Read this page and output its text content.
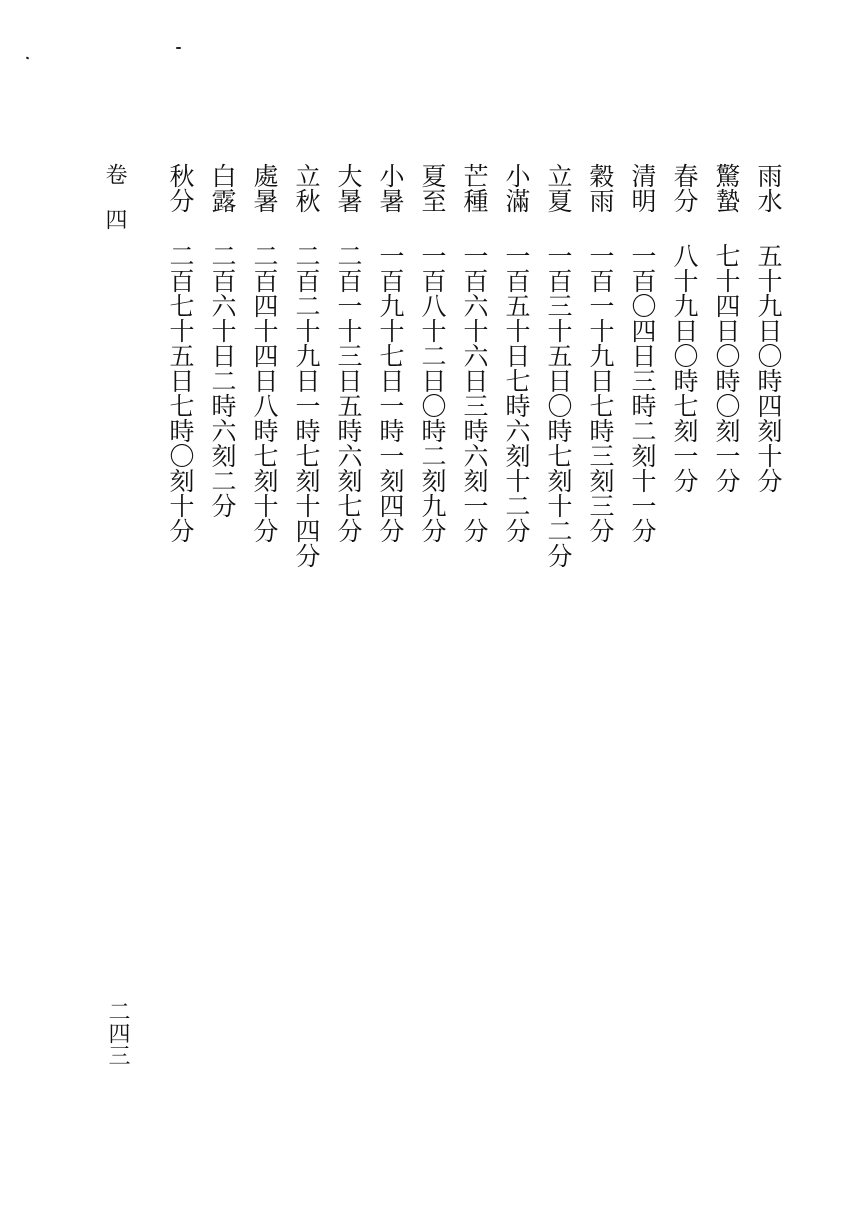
雨水五十九日〇時四刻十分
驚蟄七十四日〇時〇刻一分
春分八十九日〇時七刻一分
清明一百〇四日三時二刻十一分
穀雨一百一十九日七時三刻三分
立夏一百三十五日〇時七刻十二分
小滿一百五十日七時六刻十二分
芒種一百六十六日三時六刻一分
夏至一百八十二日〇時二刻九分
小暑一百九十七日一時一刻四分
大暑二百一十三日五時六刻七分
立秋二百二十九日一時七刻十四分
處暑二百四十四日八時七刻十分
白露二百六十日二時六刻二分
秋分二百七十五日七時〇刻十分
卷四
二四三
